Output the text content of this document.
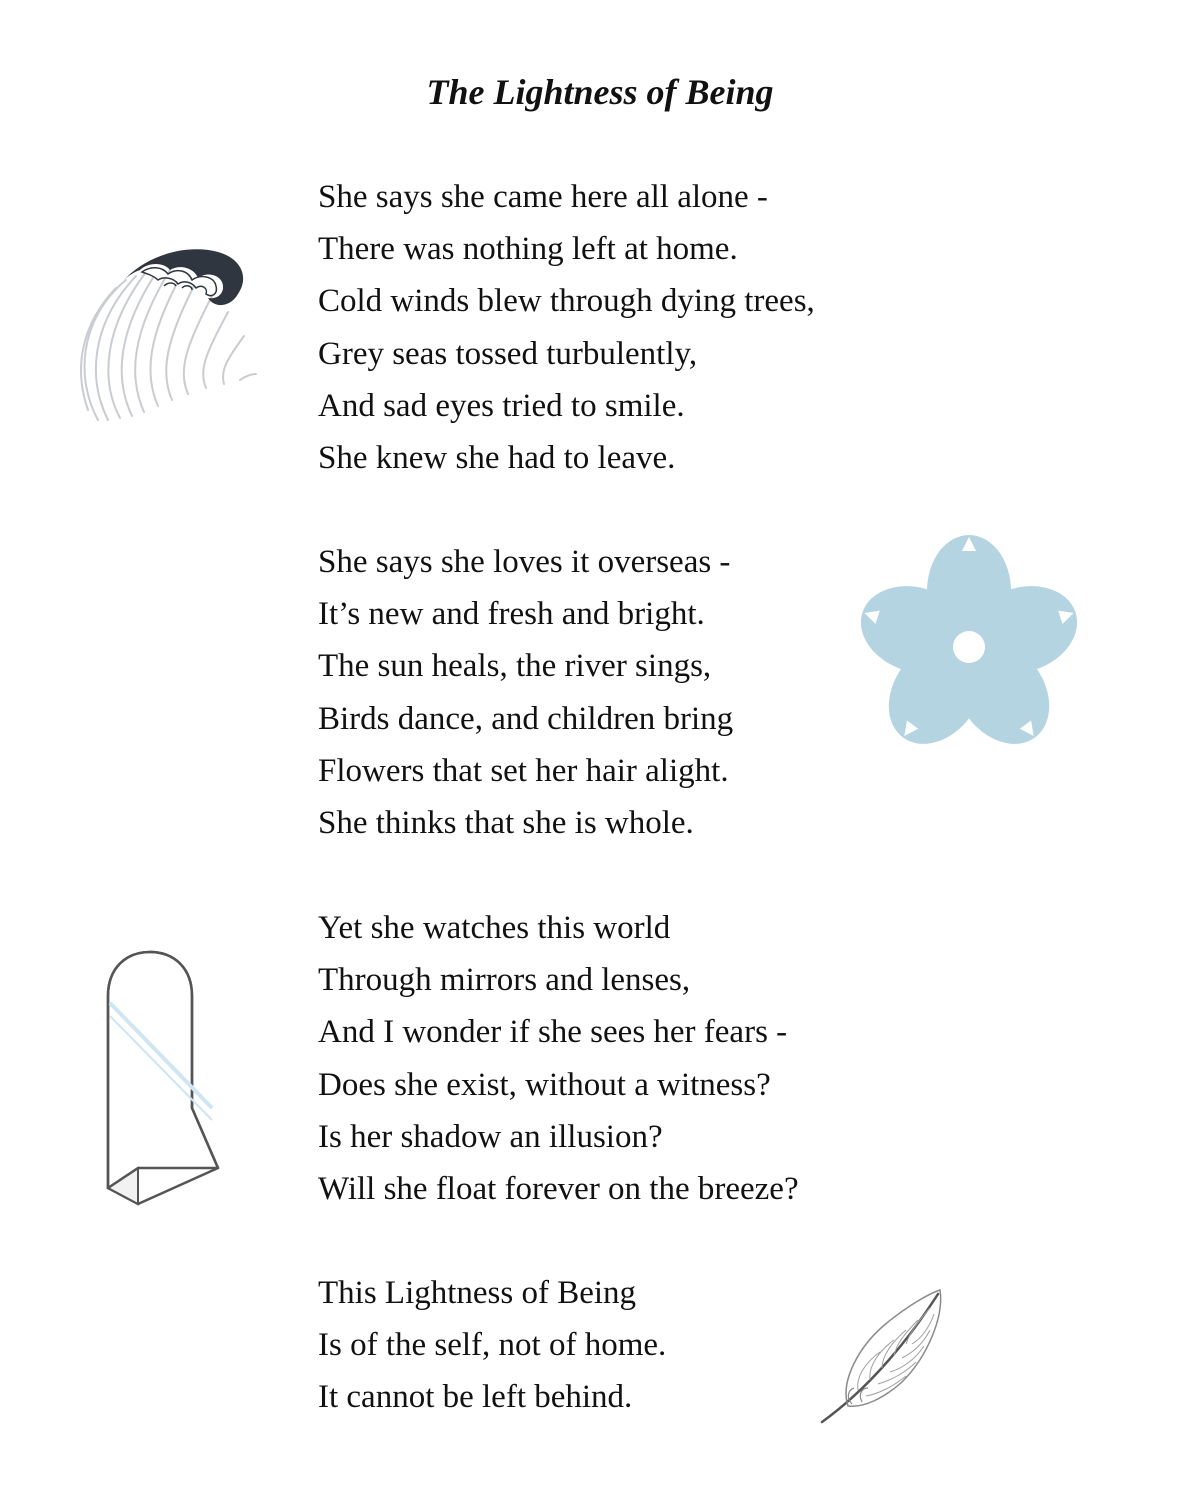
The Lightness of Being
She says she came here all alone -
There was nothing left at home.
Cold winds blew through dying trees,
Grey seas tossed turbulently,
And sad eyes tried to smile.
She knew she had to leave.
She says she loves it overseas -
It’s new and fresh and bright.
The sun heals, the river sings,
Birds dance, and children bring
Flowers that set her hair alight.
She thinks that she is whole.
Yet she watches this world
Through mirrors and lenses,
And I wonder if she sees her fears -
Does she exist, without a witness?
Is her shadow an illusion?
Will she float forever on the breeze?
This Lightness of Being
Is of the self, not of home.
It cannot be left behind.
